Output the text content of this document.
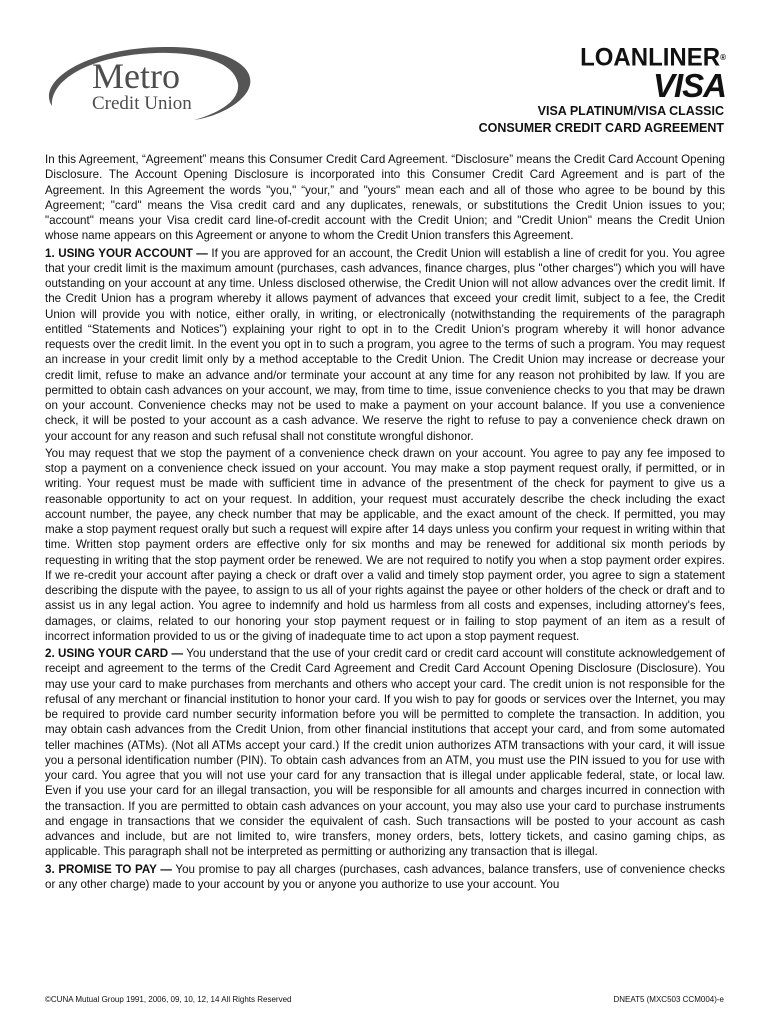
Metro
Credit Union
LOANLINER®
VISA
VISA PLATINUM/VISA CLASSIC
CONSUMER CREDIT CARD AGREEMENT

In this Agreement, “Agreement” means this Consumer Credit Card Agreement. “Disclosure” means the Credit Card Account Opening Disclosure. The Account Opening Disclosure is incorporated into this Consumer Credit Card Agreement and is part of the Agreement. In this Agreement the words "you," “your,” and "yours" mean each and all of those who agree to be bound by this Agreement; "card" means the Visa credit card and any duplicates, renewals, or substitutions the Credit Union issues to you; "account" means your Visa credit card line-of-credit account with the Credit Union; and "Credit Union" means the Credit Union whose name appears on this Agreement or anyone to whom the Credit Union transfers this Agreement.

1. USING YOUR ACCOUNT — If you are approved for an account, the Credit Union will establish a line of credit for you. You agree that your credit limit is the maximum amount (purchases, cash advances, finance charges, plus "other charges") which you will have outstanding on your account at any time. Unless disclosed otherwise, the Credit Union will not allow advances over the credit limit. If the Credit Union has a program whereby it allows payment of advances that exceed your credit limit, subject to a fee, the Credit Union will provide you with notice, either orally, in writing, or electronically (notwithstanding the requirements of the paragraph entitled “Statements and Notices”) explaining your right to opt in to the Credit Union’s program whereby it will honor advance requests over the credit limit. In the event you opt in to such a program, you agree to the terms of such a program. You may request an increase in your credit limit only by a method acceptable to the Credit Union. The Credit Union may increase or decrease your credit limit, refuse to make an advance and/or terminate your account at any time for any reason not prohibited by law. If you are permitted to obtain cash advances on your account, we may, from time to time, issue convenience checks to you that may be drawn on your account. Convenience checks may not be used to make a payment on your account balance. If you use a convenience check, it will be posted to your account as a cash advance. We reserve the right to refuse to pay a convenience check drawn on your account for any reason and such refusal shall not constitute wrongful dishonor.

You may request that we stop the payment of a convenience check drawn on your account. You agree to pay any fee imposed to stop a payment on a convenience check issued on your account. You may make a stop payment request orally, if permitted, or in writing. Your request must be made with sufficient time in advance of the presentment of the check for payment to give us a reasonable opportunity to act on your request. In addition, your request must accurately describe the check including the exact account number, the payee, any check number that may be applicable, and the exact amount of the check. If permitted, you may make a stop payment request orally but such a request will expire after 14 days unless you confirm your request in writing within that time. Written stop payment orders are effective only for six months and may be renewed for additional six month periods by requesting in writing that the stop payment order be renewed. We are not required to notify you when a stop payment order expires. If we re-credit your account after paying a check or draft over a valid and timely stop payment order, you agree to sign a statement describing the dispute with the payee, to assign to us all of your rights against the payee or other holders of the check or draft and to assist us in any legal action. You agree to indemnify and hold us harmless from all costs and expenses, including attorney's fees, damages, or claims, related to our honoring your stop payment request or in failing to stop payment of an item as a result of incorrect information provided to us or the giving of inadequate time to act upon a stop payment request.

2. USING YOUR CARD — You understand that the use of your credit card or credit card account will constitute acknowledgement of receipt and agreement to the terms of the Credit Card Agreement and Credit Card Account Opening Disclosure (Disclosure). You may use your card to make purchases from merchants and others who accept your card. The credit union is not responsible for the refusal of any merchant or financial institution to honor your card. If you wish to pay for goods or services over the Internet, you may be required to provide card number security information before you will be permitted to complete the transaction. In addition, you may obtain cash advances from the Credit Union, from other financial institutions that accept your card, and from some automated teller machines (ATMs). (Not all ATMs accept your card.) If the credit union authorizes ATM transactions with your card, it will issue you a personal identification number (PIN). To obtain cash advances from an ATM, you must use the PIN issued to you for use with your card. You agree that you will not use your card for any transaction that is illegal under applicable federal, state, or local law. Even if you use your card for an illegal transaction, you will be responsible for all amounts and charges incurred in connection with the transaction. If you are permitted to obtain cash advances on your account, you may also use your card to purchase instruments and engage in transactions that we consider the equivalent of cash. Such transactions will be posted to your account as cash advances and include, but are not limited to, wire transfers, money orders, bets, lottery tickets, and casino gaming chips, as applicable. This paragraph shall not be interpreted as permitting or authorizing any transaction that is illegal.

3. PROMISE TO PAY — You promise to pay all charges (purchases, cash advances, balance transfers, use of convenience checks or any other charge) made to your account by you or anyone you authorize to use your account. You

©CUNA Mutual Group 1991, 2006, 09, 10, 12, 14 All Rights Reserved	DNEAT5 (MXC503 CCM004)-e
